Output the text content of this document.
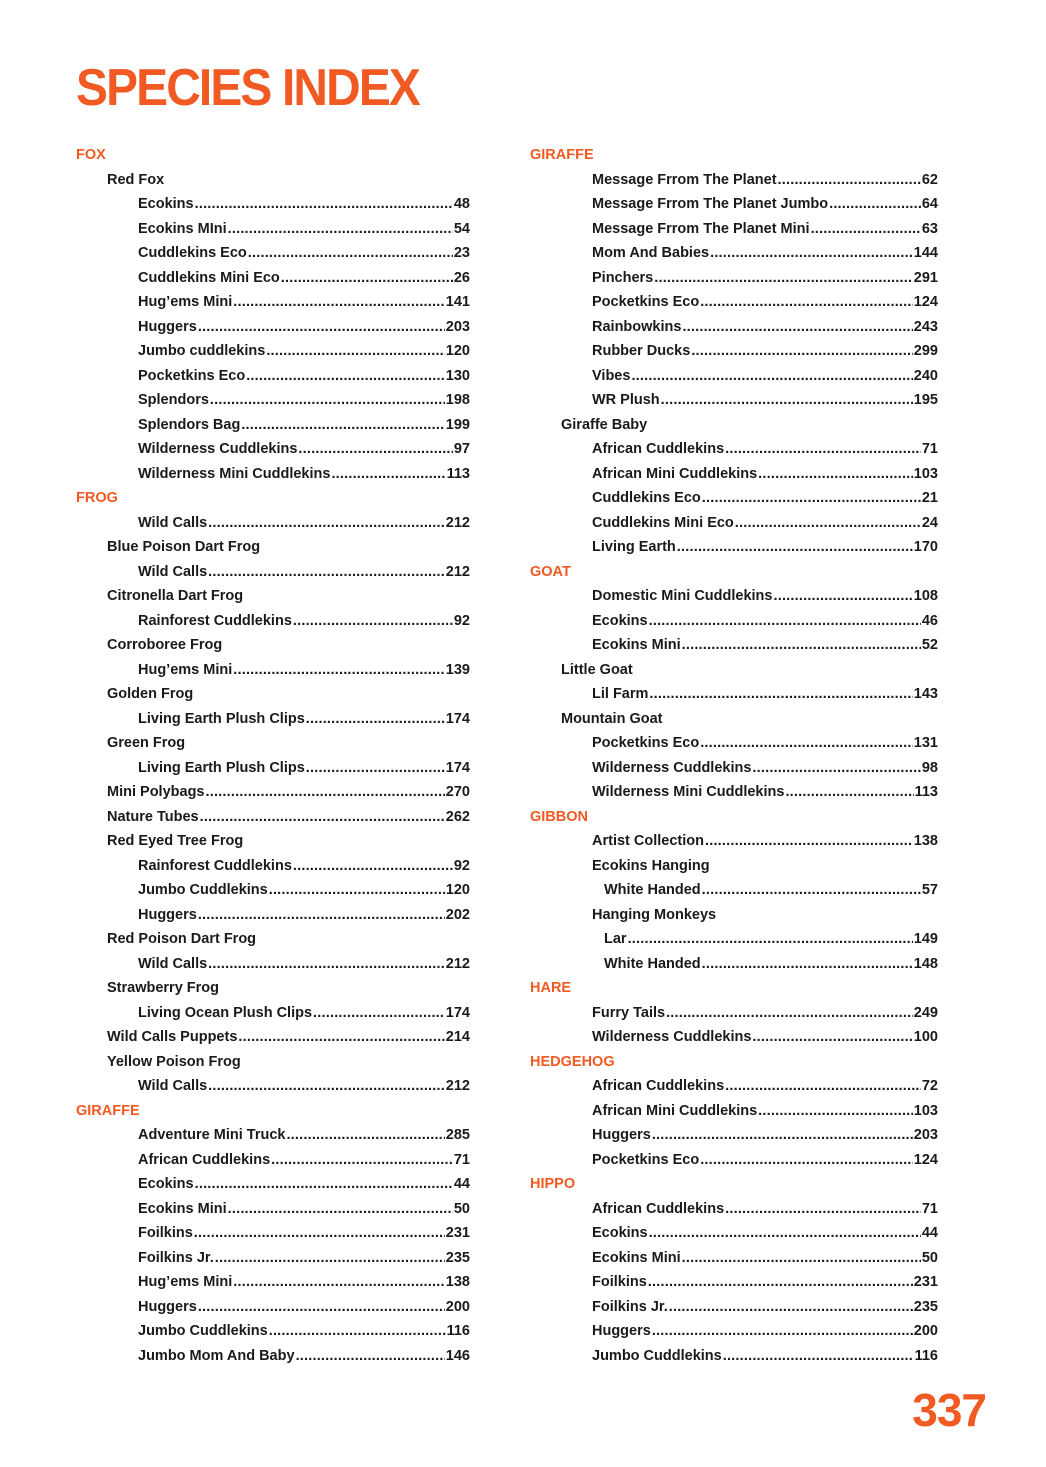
SPECIES INDEX
FOX
Red Fox
Ecokins .....	48
Ecokins MIni .....	54
Cuddlekins Eco .....	23
Cuddlekins Mini Eco .....	26
Hug’ems Mini .....	141
Huggers .....	203
Jumbo cuddlekins .....	120
Pocketkins Eco .....	130
Splendors .....	198
Splendors Bag .....	199
Wilderness Cuddlekins .....	97
Wilderness Mini Cuddlekins .....	113
FROG
Wild Calls .....	212
Blue Poison Dart Frog
Wild Calls .....	212
Citronella Dart Frog
Rainforest Cuddlekins .....	92
Corroboree Frog
Hug’ems Mini .....	139
Golden Frog
Living Earth Plush Clips .....	174
Green Frog
Living Earth Plush Clips .....	174
Mini Polybags .....	270
Nature Tubes .....	262
Red Eyed Tree Frog
Rainforest Cuddlekins .....	92
Jumbo Cuddlekins .....	120
Huggers .....	202
Red Poison Dart Frog
Wild Calls .....	212
Strawberry Frog
Living Ocean Plush Clips .....	174
Wild Calls Puppets .....	214
Yellow Poison Frog
Wild Calls .....	212
GIRAFFE
Adventure Mini Truck .....	285
African Cuddlekins .....	71
Ecokins .....	44
Ecokins Mini .....	50
Foilkins .....	231
Foilkins Jr. .....	235
Hug’ems Mini .....	138
Huggers .....	200
Jumbo Cuddlekins .....	116
Jumbo Mom And Baby .....	146
GIRAFFE
Message Frrom The Planet .....	62
Message Frrom The Planet Jumbo .....	64
Message Frrom The Planet Mini .....	63
Mom And Babies .....	144
Pinchers .....	291
Pocketkins Eco .....	124
Rainbowkins .....	243
Rubber Ducks .....	299
Vibes .....	240
WR Plush .....	195
Giraffe Baby
African Cuddlekins .....	71
African Mini Cuddlekins .....	103
Cuddlekins Eco .....	21
Cuddlekins Mini Eco .....	24
Living Earth .....	170
GOAT
Domestic Mini Cuddlekins .....	108
Ecokins .....	46
Ecokins Mini .....	52
Little Goat
Lil Farm .....	143
Mountain Goat
Pocketkins Eco .....	131
Wilderness Cuddlekins .....	98
Wilderness Mini Cuddlekins .....	113
GIBBON
Artist Collection .....	138
Ecokins Hanging
White Handed .....	57
Hanging Monkeys
Lar .....	149
White Handed .....	148
HARE
Furry Tails .....	249
Wilderness Cuddlekins .....	100
HEDGEHOG
African Cuddlekins .....	72
African Mini Cuddlekins .....	103
Huggers .....	203
Pocketkins Eco .....	124
HIPPO
African Cuddlekins .....	71
Ecokins .....	44
Ecokins Mini .....	50
Foilkins .....	231
Foilkins Jr. .....	235
Huggers .....	200
Jumbo Cuddlekins .....	116
337
